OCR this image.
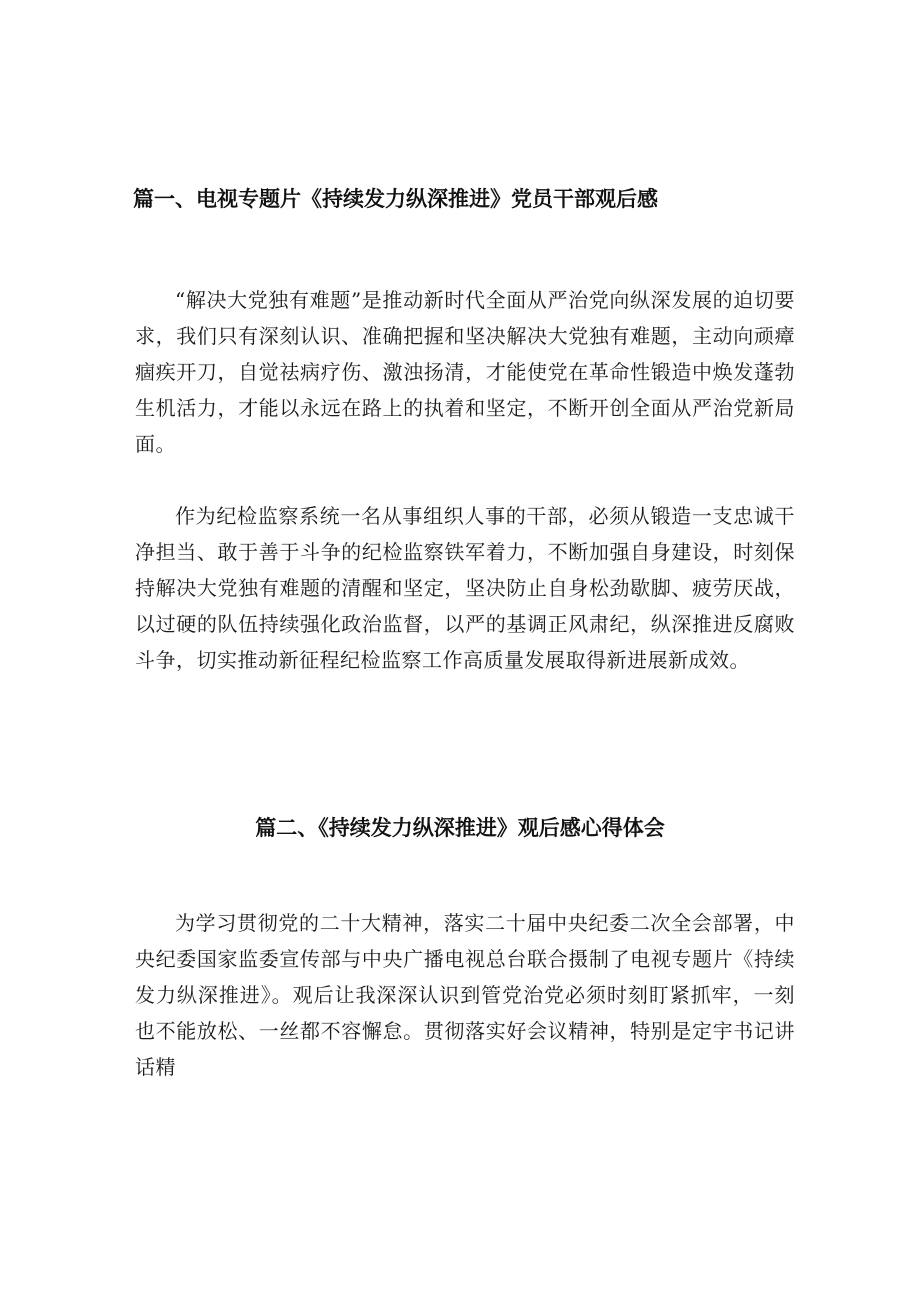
篇一、电视专题片《持续发力纵深推进》党员干部观后感

“解决大党独有难题”是推动新时代全面从严治党向纵深发展的迫切要求，我们只有深刻认识、准确把握和坚决解决大党独有难题，主动向顽瘴痼疾开刀，自觉祛病疗伤、激浊扬清，才能使党在革命性锻造中焕发蓬勃生机活力，才能以永远在路上的执着和坚定，不断开创全面从严治党新局面。

作为纪检监察系统一名从事组织人事的干部，必须从锻造一支忠诚干净担当、敢于善于斗争的纪检监察铁军着力，不断加强自身建设，时刻保持解决大党独有难题的清醒和坚定，坚决防止自身松劲歇脚、疲劳厌战，以过硬的队伍持续强化政治监督，以严的基调正风肃纪，纵深推进反腐败斗争，切实推动新征程纪检监察工作高质量发展取得新进展新成效。

篇二、《持续发力纵深推进》观后感心得体会

为学习贯彻党的二十大精神，落实二十届中央纪委二次全会部署，中央纪委国家监委宣传部与中央广播电视总台联合摄制了电视专题片《持续发力纵深推进》。观后让我深深认识到管党治党必须时刻盯紧抓牢，一刻也不能放松、一丝都不容懈怠。贯彻落实好会议精神，特别是定宇书记讲话精
